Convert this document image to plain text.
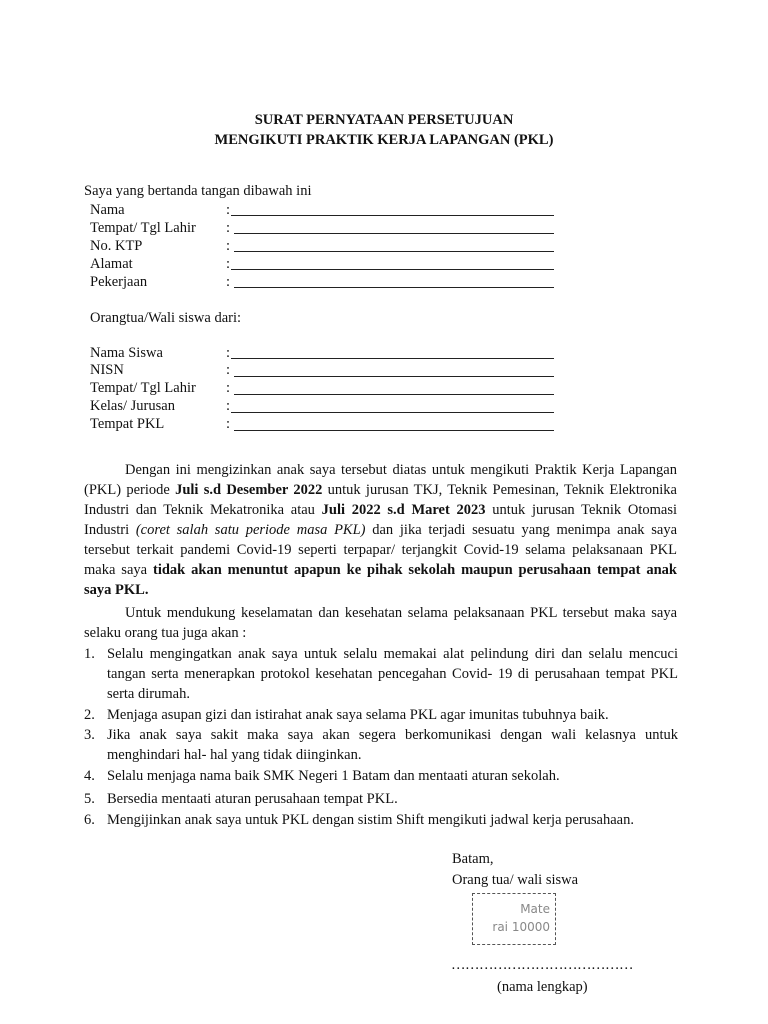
SURAT PERNYATAAN PERSETUJUAN
MENGIKUTI PRAKTIK KERJA LAPANGAN (PKL)
Saya yang bertanda tangan dibawah ini
Nama	:
Tempat/ Tgl Lahir :
No. KTP	:
Alamat	:
Pekerjaan	:
Orangtua/Wali siswa dari:
Nama Siswa	:
NISN	:
Tempat/ Tgl Lahir :
Kelas/ Jurusan	:
Tempat PKL	:
Dengan ini mengizinkan anak saya tersebut diatas untuk mengikuti Praktik Kerja Lapangan (PKL) periode Juli s.d Desember 2022 untuk jurusan TKJ, Teknik Pemesinan, Teknik Elektronika Industri dan Teknik Mekatronika atau Juli 2022 s.d Maret 2023 untuk jurusan Teknik Otomasi Industri (coret salah satu periode masa PKL) dan jika terjadi sesuatu yang menimpa anak saya tersebut terkait pandemi Covid-19 seperti terpapar/ terjangkit Covid-19 selama pelaksanaan PKL maka saya tidak akan menuntut apapun ke pihak sekolah maupun perusahaan tempat anak saya PKL.
Untuk mendukung keselamatan dan kesehatan selama pelaksanaan PKL tersebut maka saya selaku orang tua juga akan :
1. Selalu mengingatkan anak saya untuk selalu memakai alat pelindung diri dan selalu mencuci tangan serta menerapkan protokol kesehatan pencegahan Covid- 19 di perusahaan tempat PKL serta dirumah.
2. Menjaga asupan gizi dan istirahat anak saya selama PKL agar imunitas tubuhnya baik.
3. Jika anak saya sakit maka saya akan segera berkomunikasi dengan wali kelasnya untuk menghindari hal- hal yang tidak diinginkan.
4. Selalu menjaga nama baik SMK Negeri 1 Batam dan mentaati aturan sekolah.
5. Bersedia mentaati aturan perusahaan tempat PKL.
6. Mengijinkan anak saya untuk PKL dengan sistim Shift mengikuti jadwal kerja perusahaan.
Batam,
Orang tua/ wali siswa
Mate
rai 10000
…………………………………
(nama lengkap)
